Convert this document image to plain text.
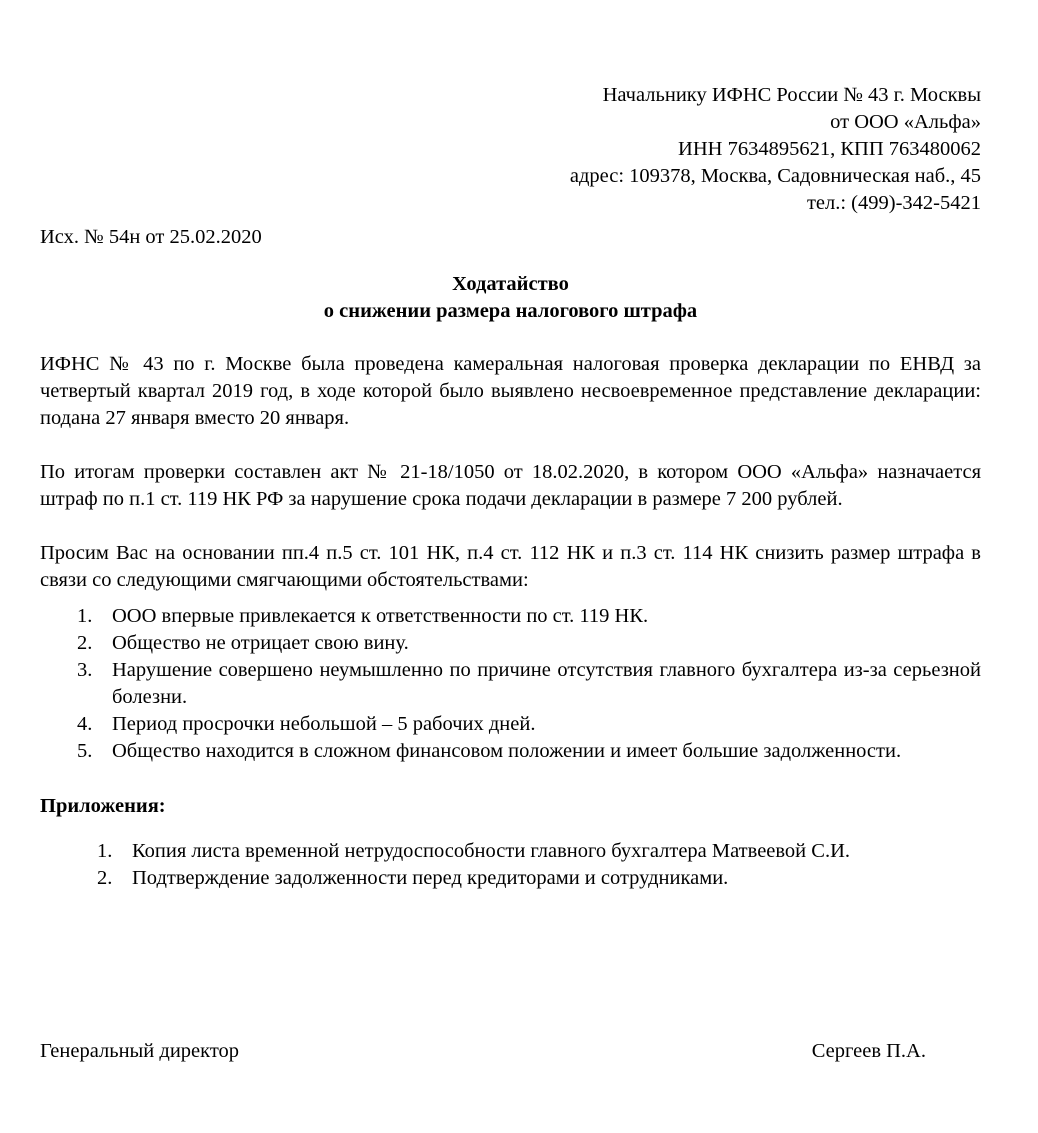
Начальнику ИФНС России № 43 г. Москвы
от ООО «Альфа»
ИНН 7634895621, КПП 763480062
адрес: 109378, Москва, Садовническая наб., 45
тел.: (499)-342-5421
Исх. № 54н от 25.02.2020
Ходатайство
о снижении размера налогового штрафа
ИФНС № 43 по г. Москве была проведена камеральная налоговая проверка декларации по ЕНВД за четвертый квартал 2019 год, в ходе которой было выявлено несвоевременное представление декларации: подана 27 января вместо 20 января.
По итогам проверки составлен акт № 21-18/1050 от 18.02.2020, в котором ООО «Альфа» назначается штраф по п.1 ст. 119 НК РФ за нарушение срока подачи декларации в размере 7 200 рублей.
Просим Вас на основании пп.4 п.5 ст. 101 НК, п.4 ст. 112 НК и п.3 ст. 114 НК снизить размер штрафа в связи со следующими смягчающими обстоятельствами:
1. ООО впервые привлекается к ответственности по ст. 119 НК.
2. Общество не отрицает свою вину.
3. Нарушение совершено неумышленно по причине отсутствия главного бухгалтера из-за серьезной болезни.
4. Период просрочки небольшой – 5 рабочих дней.
5. Общество находится в сложном финансовом положении и имеет большие задолженности.
Приложения:
1. Копия листа временной нетрудоспособности главного бухгалтера Матвеевой С.И.
2. Подтверждение задолженности перед кредиторами и сотрудниками.
Генеральный директор	Сергеев П.А.
